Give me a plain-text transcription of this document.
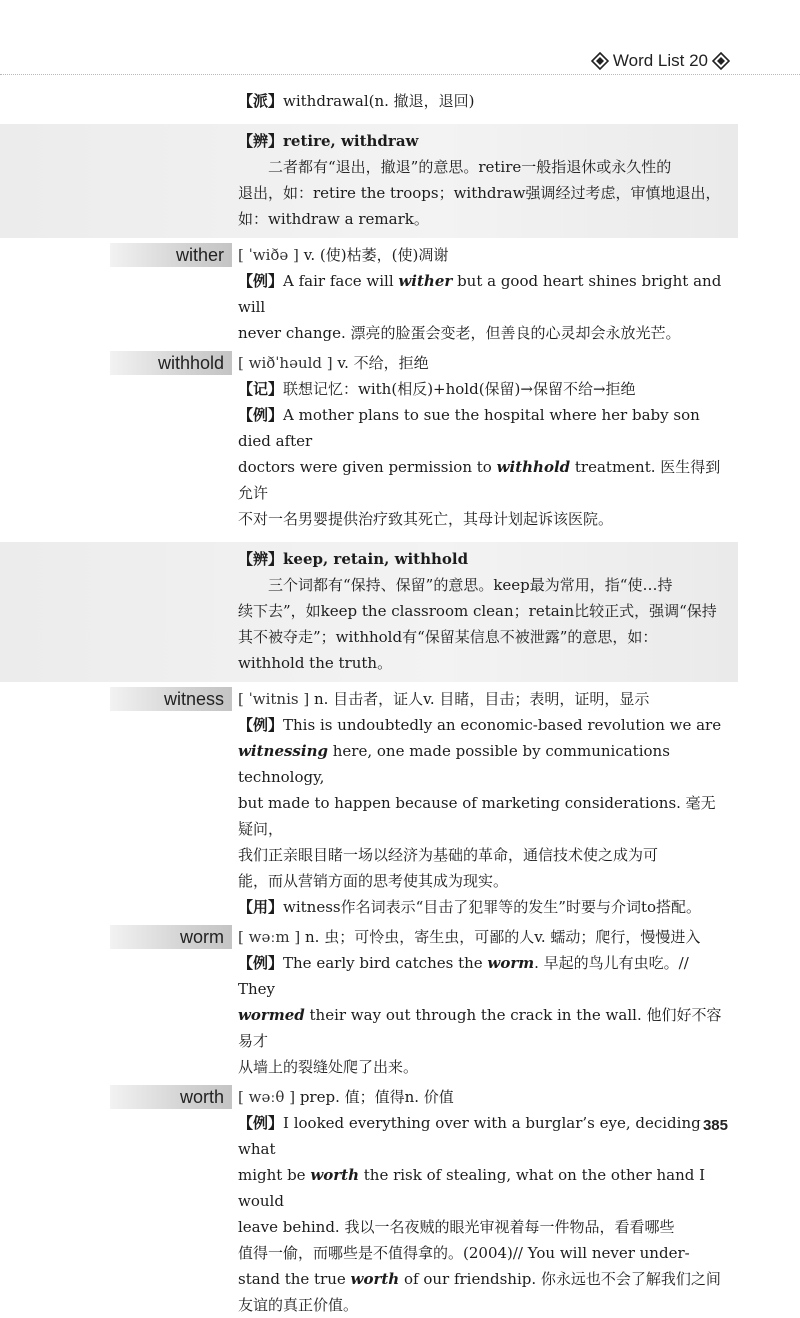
Word List 20
【派】withdrawal(n. 撤退，退回)
【辨】retire, withdraw
二者都有“退出，撤退”的意思。retire一般指退休或永久性的
退出，如：retire the troops；withdraw强调经过考虑，审慎地退出，
如：withdraw a remark。
wither [ ˈwiðə ] v. (使)枯萎，(使)凋谢
【例】A fair face will wither but a good heart shines bright and will
never change. 漂亮的脸蛋会变老，但善良的心灵却会永放光芒。
withhold [ wiðˈhəuld ] v. 不给，拒绝
【记】联想记忆：with(相反)+hold(保留)→保留不给→拒绝
【例】A mother plans to sue the hospital where her baby son died after
doctors were given permission to withhold treatment. 医生得到允许
不对一名男婴提供治疗致其死亡，其母计划起诉该医院。
【辨】keep, retain, withhold
三个词都有“保持、保留”的意思。keep最为常用，指“使…持
续下去”，如keep the classroom clean；retain比较正式，强调“保持
其不被夺走”；withhold有“保留某信息不被泄露”的意思，如：
withhold the truth。
witness [ ˈwitnis ] n. 目击者，证人v. 目睹，目击；表明，证明，显示
【例】This is undoubtedly an economic-based revolution we are
witnessing here, one made possible by communications technology,
but made to happen because of marketing considerations. 毫无疑问，
我们正亲眼目睹一场以经济为基础的革命，通信技术使之成为可
能，而从营销方面的思考使其成为现实。
【用】witness作名词表示“目击了犯罪等的发生”时要与介词to搭配。
worm [ wəːm ] n. 虫；可怜虫，寄生虫，可鄙的人v. 蠕动；爬行，慢慢进入
【例】The early bird catches the worm. 早起的鸟儿有虫吃。// They
wormed their way out through the crack in the wall. 他们好不容易才
从墙上的裂缝处爬了出来。
worth [ wəːθ ] prep. 值；值得n. 价值
【例】I looked everything over with a burglar’s eye, deciding what
might be worth the risk of stealing, what on the other hand I would
leave behind. 我以一名夜贼的眼光审视着每一件物品，看看哪些
值得一偷，而哪些是不值得拿的。(2004)// You will never under-
stand the true worth of our friendship. 你永远也不会了解我们之间
友谊的真正价值。
385
